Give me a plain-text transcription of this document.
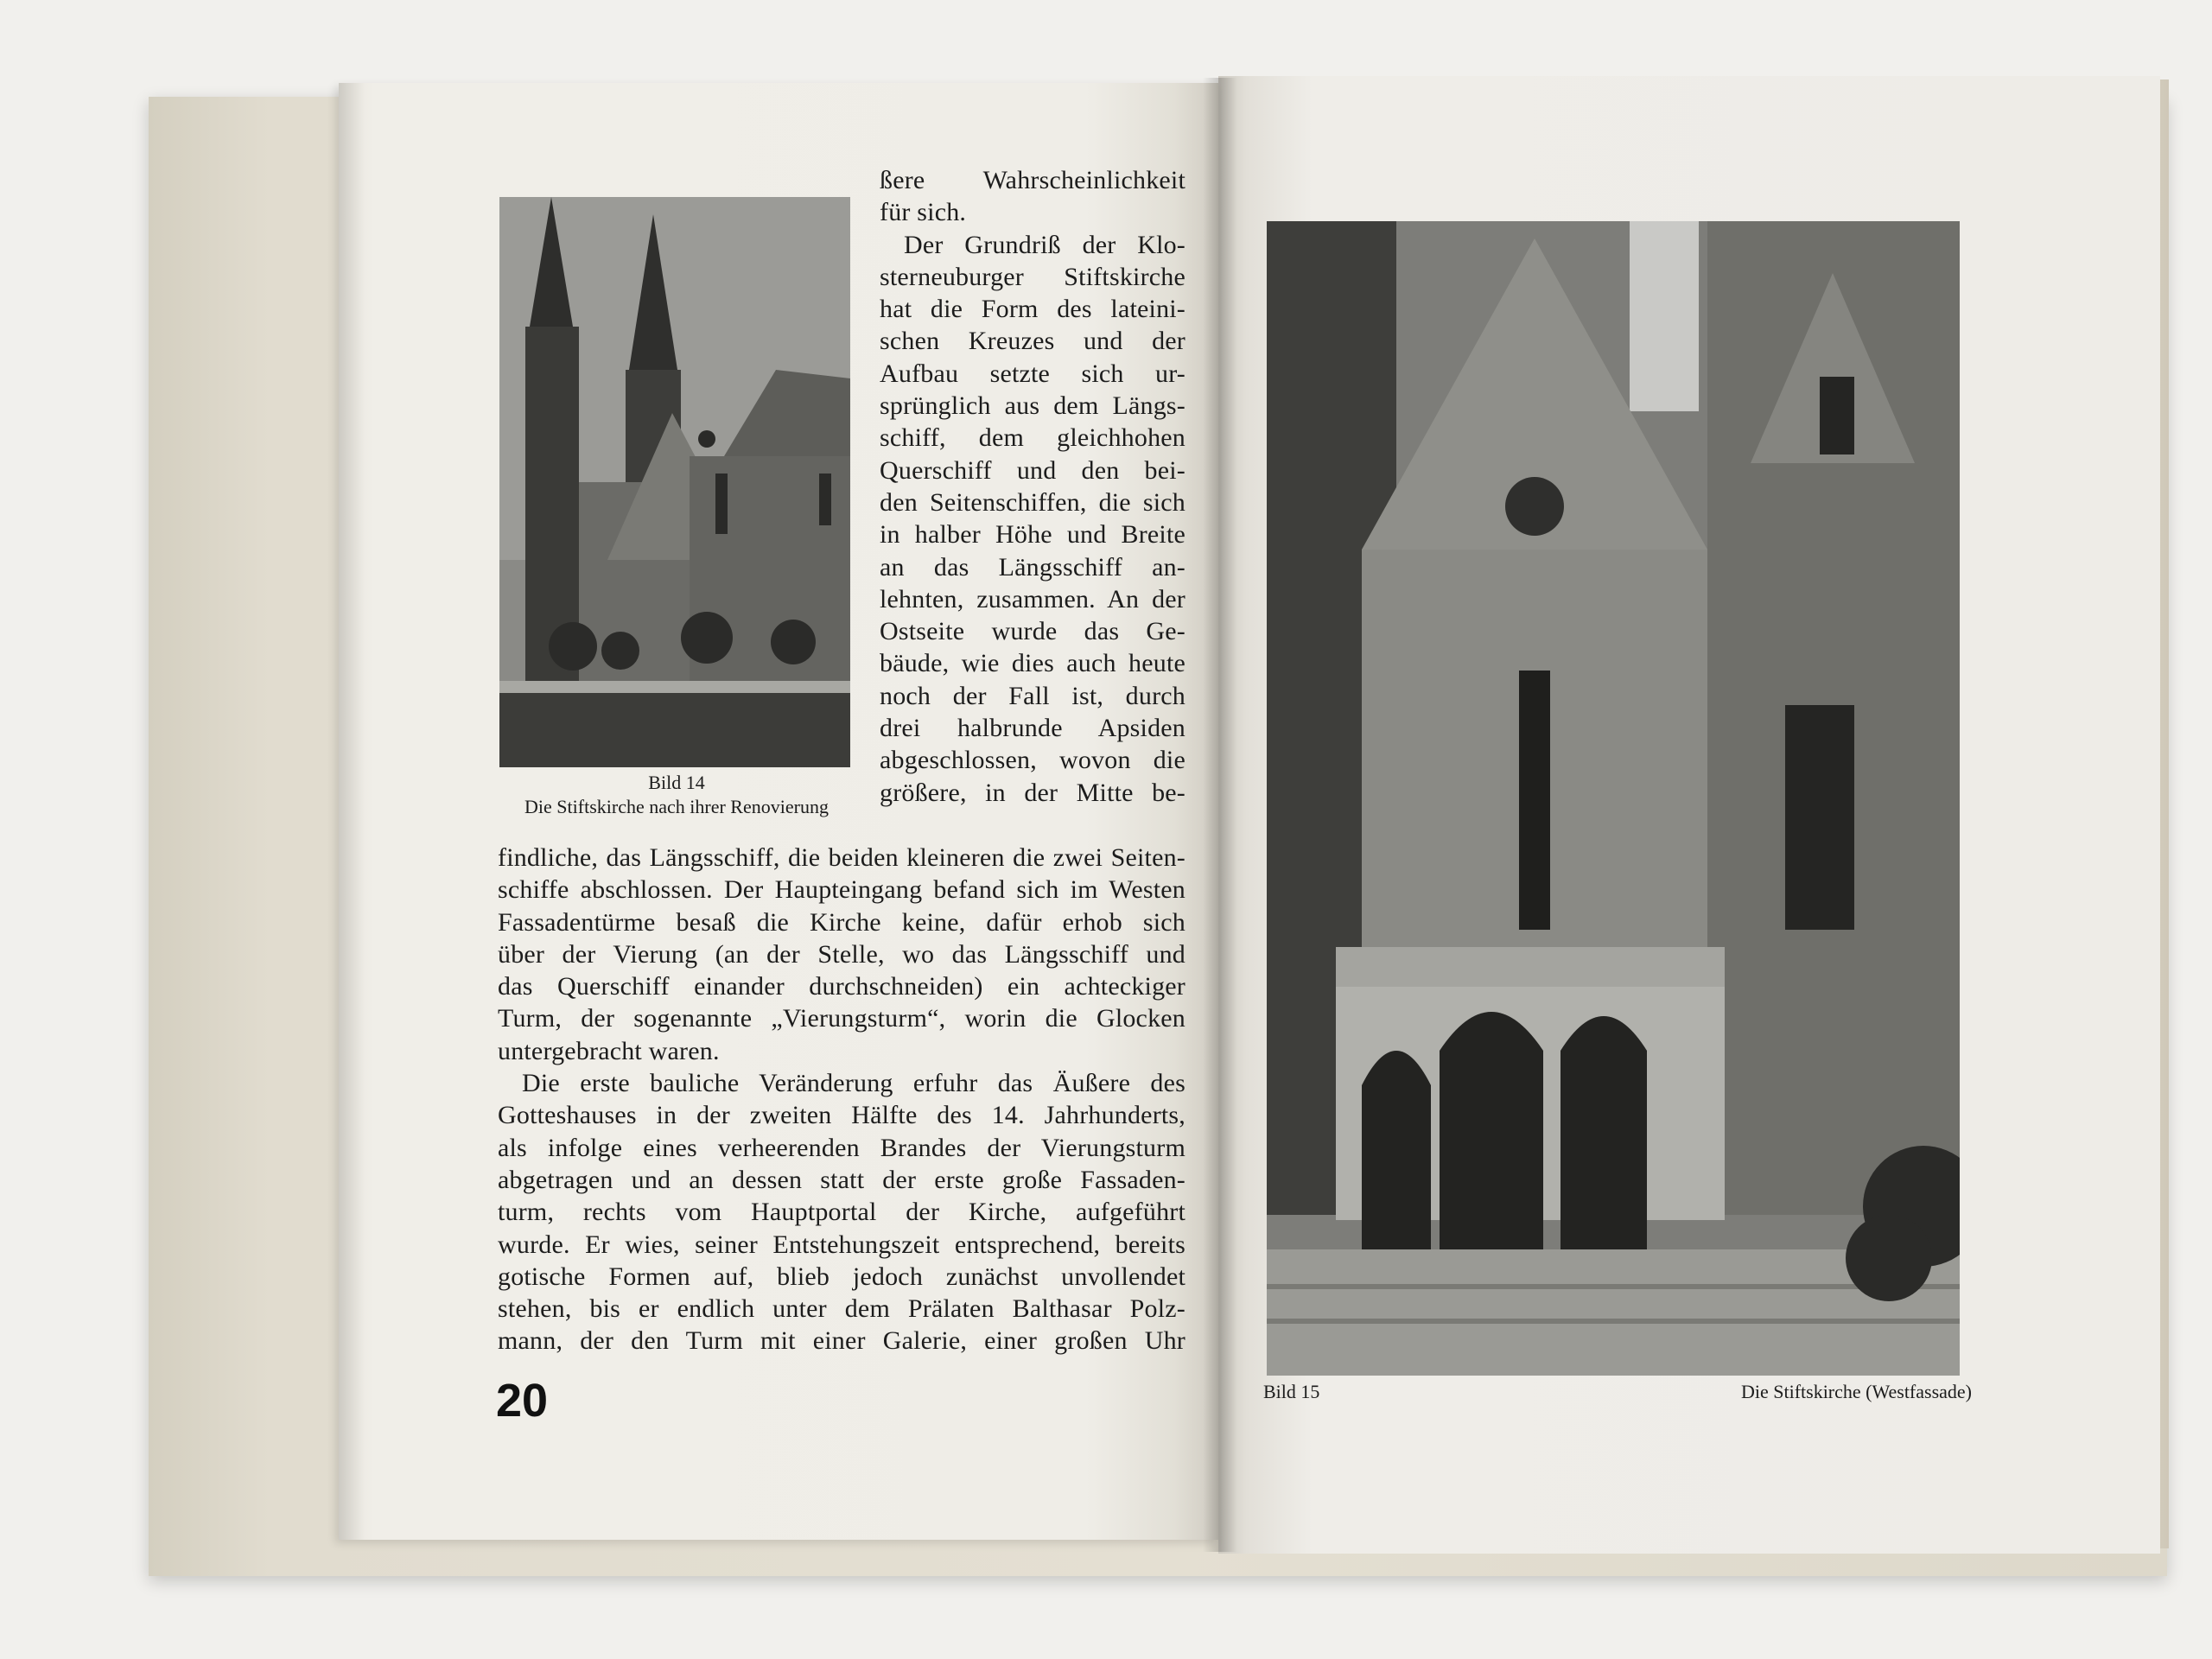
Bild 14
Die Stiftskirche nach ihrer Renovierung
ßere Wahrscheinlichkeit
für sich.
Der Grundriß der Klo-
sterneuburger Stiftskirche
hat die Form des lateini-
schen Kreuzes und der
Aufbau setzte sich ur-
sprünglich aus dem Längs-
schiff, dem gleichhohen
Querschiff und den bei-
den Seitenschiffen, die sich
in halber Höhe und Breite
an das Längsschiff an-
lehnten, zusammen. An der
Ostseite wurde das Ge-
bäude, wie dies auch heute
noch der Fall ist, durch
drei halbrunde Apsiden
abgeschlossen, wovon die
größere, in der Mitte be-
findliche, das Längsschiff, die beiden kleineren die zwei Seiten-
schiffe abschlossen. Der Haupteingang befand sich im Westen
Fassadentürme besaß die Kirche keine, dafür erhob sich
über der Vierung (an der Stelle, wo das Längsschiff und
das Querschiff einander durchschneiden) ein achteckiger
Turm, der sogenannte „Vierungsturm“, worin die Glocken
untergebracht waren.
Die erste bauliche Veränderung erfuhr das Äußere des
Gotteshauses in der zweiten Hälfte des 14. Jahrhunderts,
als infolge eines verheerenden Brandes der Vierungsturm
abgetragen und an dessen statt der erste große Fassaden-
turm, rechts vom Hauptportal der Kirche, aufgeführt
wurde. Er wies, seiner Entstehungszeit entsprechend, bereits
gotische Formen auf, blieb jedoch zunächst unvollendet
stehen, bis er endlich unter dem Prälaten Balthasar Polz-
mann, der den Turm mit einer Galerie, einer großen Uhr
20	Bild 15	Die Stiftskirche (Westfassade)
